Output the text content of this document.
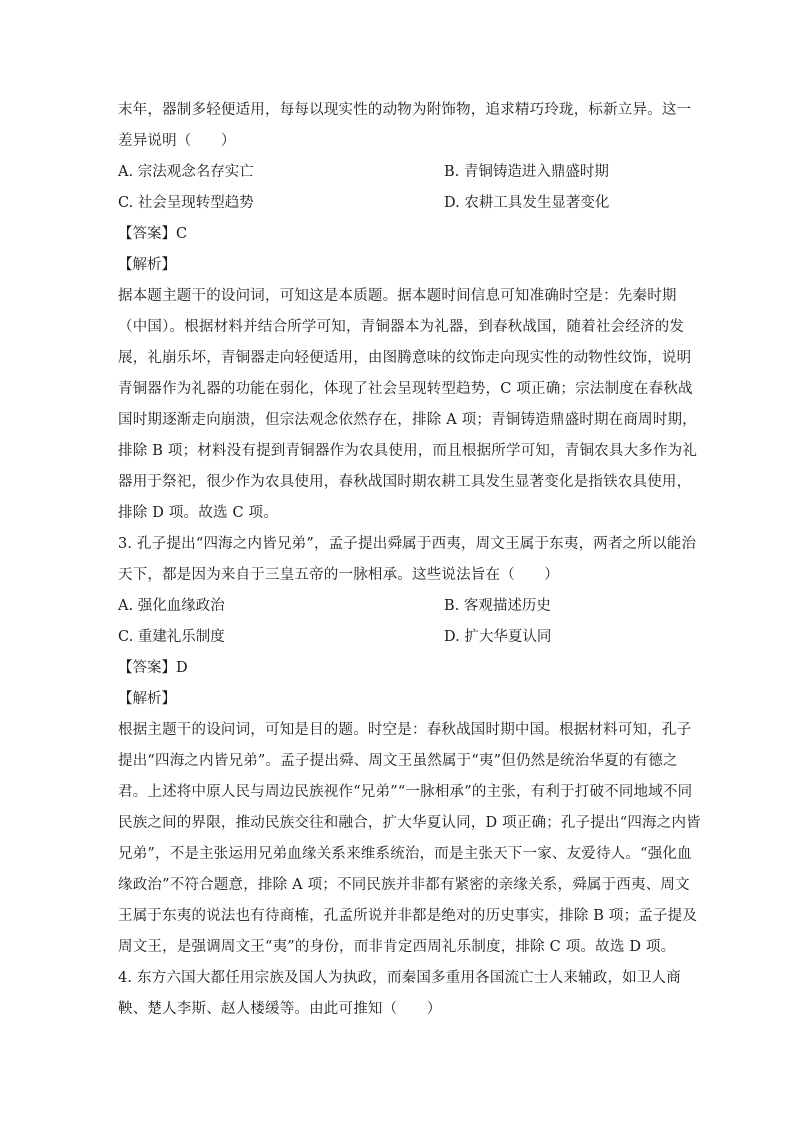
末年，器制多轻便适用，每每以现实性的动物为附饰物，追求精巧玲珑，标新立异。这一
差异说明（　　）
A. 宗法观念名存实亡	B. 青铜铸造进入鼎盛时期
C. 社会呈现转型趋势	D. 农耕工具发生显著变化
【答案】C
【解析】
据本题主题干的设问词，可知这是本质题。据本题时间信息可知准确时空是：先秦时期
（中国）。根据材料并结合所学可知，青铜器本为礼器，到春秋战国，随着社会经济的发
展，礼崩乐坏，青铜器走向轻便适用，由图腾意味的纹饰走向现实性的动物性纹饰，说明
青铜器作为礼器的功能在弱化，体现了社会呈现转型趋势，C 项正确；宗法制度在春秋战
国时期逐渐走向崩溃，但宗法观念依然存在，排除 A 项；青铜铸造鼎盛时期在商周时期，
排除 B 项；材料没有提到青铜器作为农具使用，而且根据所学可知，青铜农具大多作为礼
器用于祭祀，很少作为农具使用，春秋战国时期农耕工具发生显著变化是指铁农具使用，
排除 D 项。故选 C 项。
3. 孔子提出“四海之内皆兄弟”，孟子提出舜属于西夷，周文王属于东夷，两者之所以能治
天下，都是因为来自于三皇五帝的一脉相承。这些说法旨在（　　）
A. 强化血缘政治	B. 客观描述历史
C. 重建礼乐制度	D. 扩大华夏认同
【答案】D
【解析】
根据主题干的设问词，可知是目的题。时空是：春秋战国时期中国。根据材料可知，孔子
提出“四海之内皆兄弟”。孟子提出舜、周文王虽然属于“夷”但仍然是统治华夏的有德之
君。上述将中原人民与周边民族视作“兄弟”“一脉相承”的主张，有利于打破不同地域不同
民族之间的界限，推动民族交往和融合，扩大华夏认同，D 项正确；孔子提出“四海之内皆
兄弟”，不是主张运用兄弟血缘关系来维系统治，而是主张天下一家、友爱待人。“强化血
缘政治”不符合题意，排除 A 项；不同民族并非都有紧密的亲缘关系，舜属于西夷、周文
王属于东夷的说法也有待商榷，孔孟所说并非都是绝对的历史事实，排除 B 项；孟子提及
周文王，是强调周文王“夷”的身份，而非肯定西周礼乐制度，排除 C 项。故选 D 项。
4. 东方六国大都任用宗族及国人为执政，而秦国多重用各国流亡士人来辅政，如卫人商
鞅、楚人李斯、赵人楼缓等。由此可推知（　　）
